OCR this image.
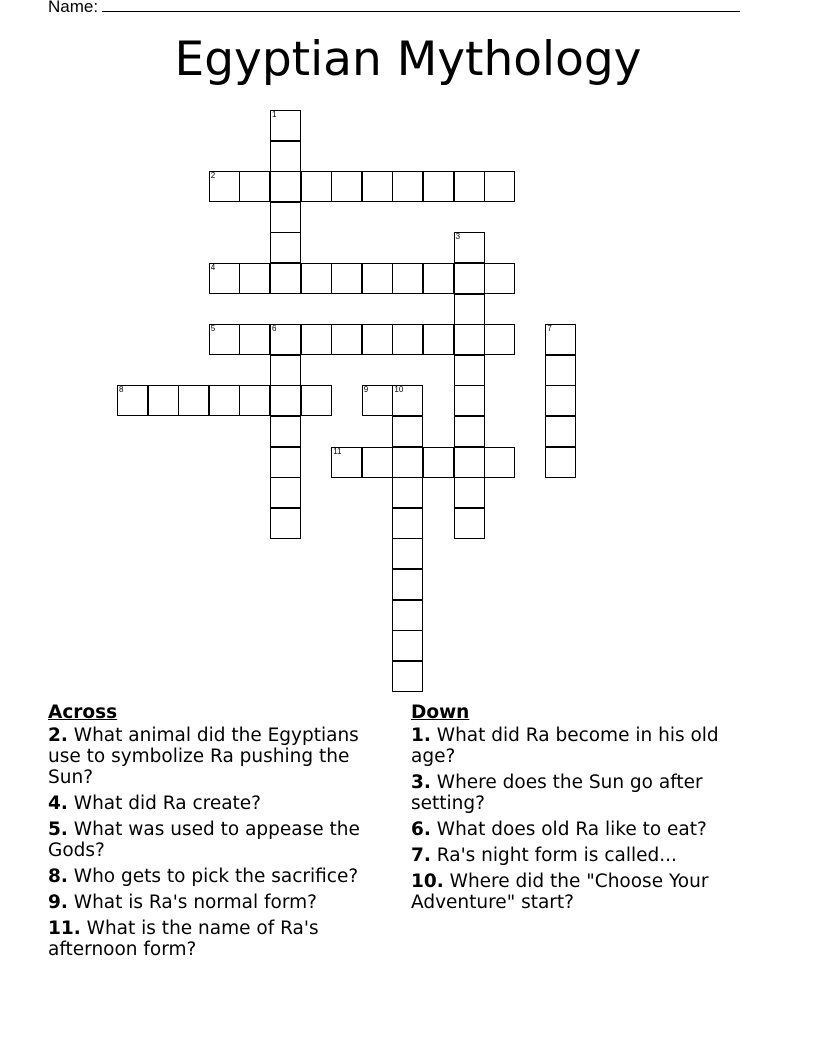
Name:
Egyptian Mythology
1
2
3
4
5	6	7
8	9	10
11
Across
2. What animal did the Egyptians use to symbolize Ra pushing the Sun?
4. What did Ra create?
5. What was used to appease the Gods?
8. Who gets to pick the sacrifice?
9. What is Ra's normal form?
11. What is the name of Ra's afternoon form?
Down
1. What did Ra become in his old age?
3. Where does the Sun go after setting?
6. What does old Ra like to eat?
7. Ra's night form is called...
10. Where did the "Choose Your Adventure" start?
